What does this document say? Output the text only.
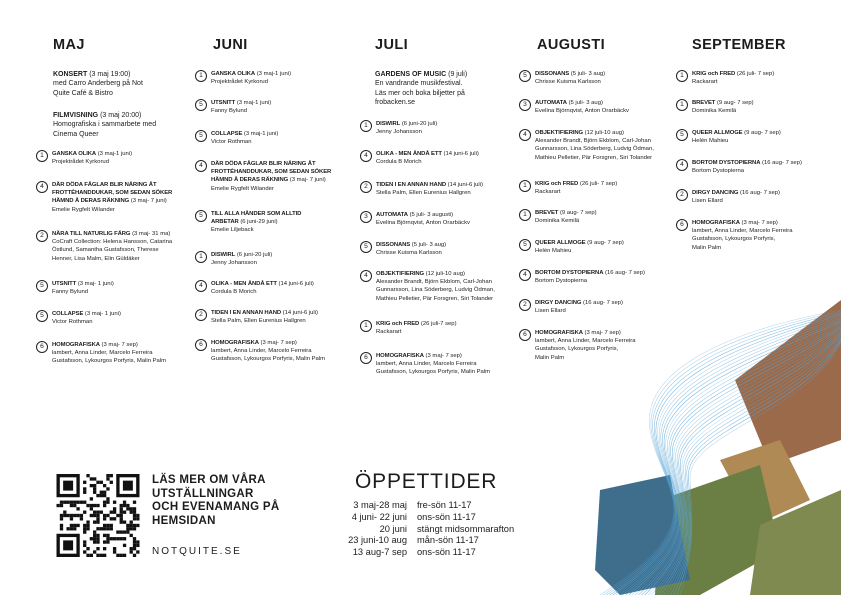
MAJ
KONSERT (3 maj 19:00)
med Carro Anderberg på Not
Quite Café & Bistro
FILMVISNING (3 maj 20:00)
Homografiska i sammarbete med
Cinema Queer
JULI
GARDENS OF MUSIC (9 juli)
En vandrande musikfestival.
Läs mer och boka biljetter på
frobacken.se
JUNI	AUGUSTI	SEPTEMBER
1	GANSKA OLIKA (3 maj-1 juni)
Projektrådet Kyrkorud
4	DÄR DÖDA FÅGLAR BLIR NÄRING ÅT
FROTTÉHANDDUKAR, SOM SEDAN SÖKER
HÄMND Å DERAS RÄKNING (3 maj- 7 juni)
Emelie Rygfelt Wilander
2	NÄRA TILL NATURLIG FÄRG (3 maj- 31 ma)
CoCraft Collection: Helena Hansson, Catarina
Östlund, Samantha Gustafsson, Therese
Henner, Lisa Malm, Elin Güldäker
5	UTSNITT (3 maj- 1 juni)
Fanny Bylund
5	COLLAPSE (3 maj- 1 juni)
Victor Rothman
6	HOMOGRAFISKA (3 maj- 7 sep)
lambert, Anna Linder, Marcelo Ferreira
Gustafsson, Lykourgos Porfyris, Malin Palm
1	GANSKA OLIKA (3 maj-1 juni)
Projektrådet Kyrkorud
5	UTSNITT (3 maj-1 juni)
Fanny Bylund
5	COLLAPSE (3 maj-1 juni)
Victor Rothman
4	DÄR DÖDA FÅGLAR BLIR NÄRING ÅT
FROTTÉHANDDUKAR, SOM SEDAN SÖKER
HÄMND Å DERAS RÄKNING (3 maj- 7 juni)
Emelie Rygfelt Wilander
5	TILL ALLA HÄNDER SOM ALLTID
ARBETAR (6 juni-29 juni)
Emelie Liljeback
1	DISWIRL (6 juni-20 juli)
Jenny Johansson
4	OLIKA - MEN ÄNDÅ ETT (14 juni-6 juli)
Cordula B Morich
2	TIDEN I EN ANNAN HAND (14 juni-6 juli)
Stella Palm, Ellen Eurenius Hallgren
6	HOMOGRAFISKA (3 maj- 7 sep)
lambert, Anna Linder, Marcelo Ferreira
Gustafsson, Lykourgos Porfyris, Malin Palm
1	DISWIRL (6 juni-20 juli)
Jenny Johansson
4	OLIKA - MEN ÄNDÅ ETT (14 juni-6 juli)
Cordula B Morich
2	TIDEN I EN ANNAN HAND (14 juni-6 juli)
Stella Palm, Ellen Eurenius Hallgren
3	AUTOMATA (5 juli- 3 augusti)
Evelina Björnqvist, Anton Orarbäckv
5	DISSONANS (5 juli- 3 aug)
Chrisse Kuisma Karlsson
4	OBJEKTIFIERING (12 juli-10 aug)
Alexander Brandt, Björn Ekblom, Carl-Johan
Gunnarsson, Lina Söderberg, Ludvig Ödman,
Mathieu Pelletier, Pär Forsgren, Siri Tolander
1	KRIG och FRED (26 juli-7 sep)
Rackarart
6	HOMOGRAFISKA (3 maj- 7 sep)
lambert, Anna Linder, Marcelo Ferreira
Gustafsson, Lykourgos Porfyris, Malin Palm
5	DISSONANS (5 juli- 3 aug)
Chrisse Kuisma Karlsson
3	AUTOMATA (5 juli- 3 aug)
Evelina Björnqvist, Anton Orarbäckv
4	OBJEKTIFIERING (12 juli-10 aug)
Alexander Brandt, Björn Ekblom, Carl-Johan
Gunnarsson, Lina Söderberg, Ludvig Ödman,
Mathieu Pelletier, Pär Forsgren, Siri Tolander
1	KRIG och FRED (26 juli- 7 sep)
Rackarart
1	BREVET (9 aug- 7 sep)
Dominika Kemilä
5	QUEER ALLMOGE (9 aug- 7 sep)
Helén Mahieu
4	BORTOM DYSTOPIERNA (16 aug- 7 sep)
Bortom Dystopierna
2	DIRGY DANCING (16 aug- 7 sep)
Lisen Ellard
6	HOMOGRAFISKA (3 maj- 7 sep)
lambert, Anna Linder, Marcelo Ferreira
Gustafsson, Lykourgos Porfyris,
Malin Palm
1	KRIG och FRED (26 juli- 7 sep)
Rackarart
1	BREVET (9 aug- 7 sep)
Dominika Kemilä
5	QUEER ALLMOGE (9 aug- 7 sep)
Helén Mahieu
4	BORTOM DYSTOPIERNA (16 aug- 7 sep)
Bortom Dystopierna
2	DIRGY DANCING (16 aug- 7 sep)
Lisen Ellard
6	HOMOGRAFISKA (3 maj- 7 sep)
lambert, Anna Linder, Marcelo Ferreira
Gustafsson, Lykourgos Porfyris,
Malin Palm
LÄS MER OM VÅRA
UTSTÄLLNINGAR
OCH EVENAMANG PÅ
HEMSIDAN
NOTQUITE.SE
ÖPPETTIDER
3 maj-28 maj	fre-sön 11-17
4 juni- 22 juni	ons-sön 11-17
20 juni	stängt midsommarafton
23 juni-10 aug	mån-sön 11-17
13 aug-7 sep	ons-sön 11-17
